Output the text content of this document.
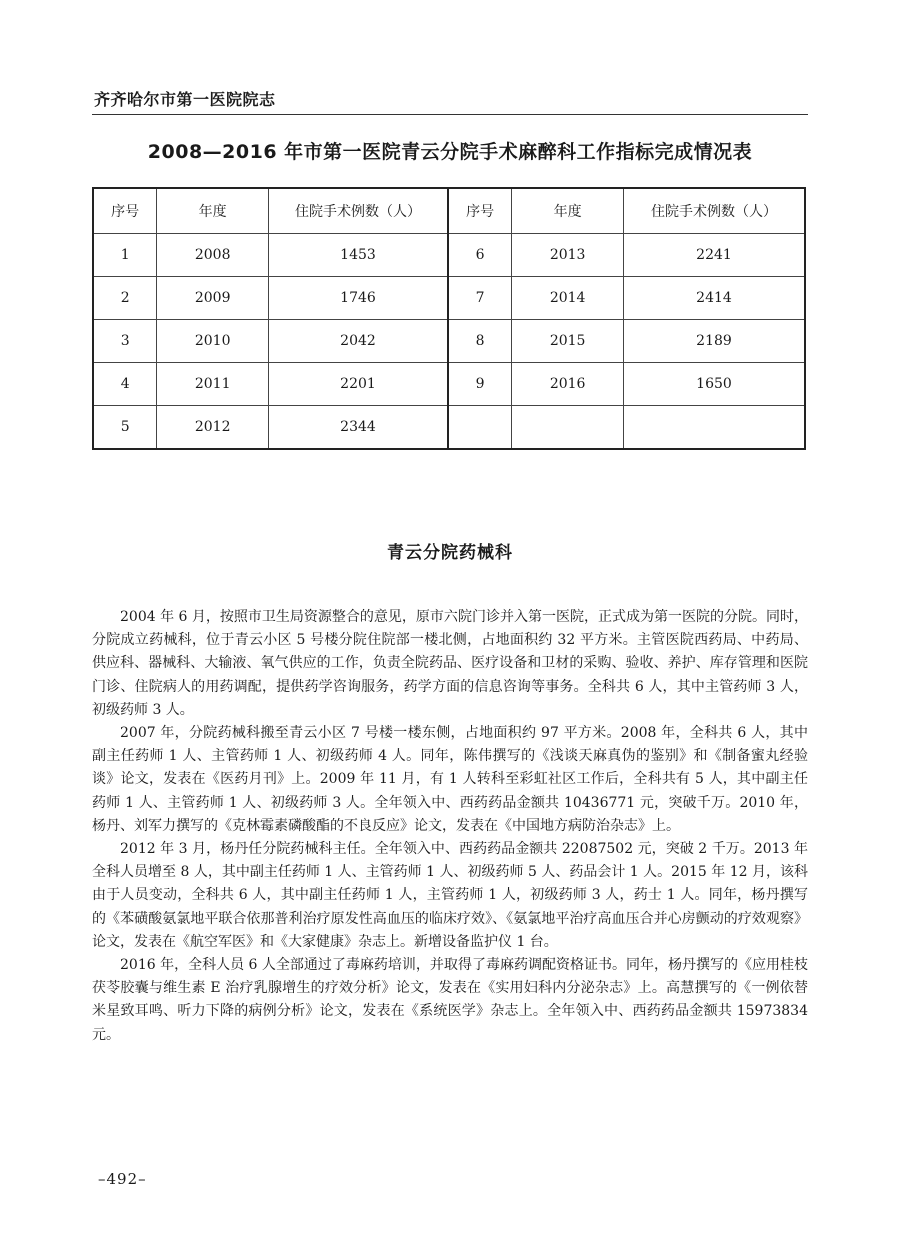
齐齐哈尔市第一医院院志
2008—2016 年市第一医院青云分院手术麻醉科工作指标完成情况表
序号	年度	住院手术例数（人）	序号	年度	住院手术例数（人）
1	2008	1453	6	2013	2241
2	2009	1746	7	2014	2414
3	2010	2042	8	2015	2189
4	2011	2201	9	2016	1650
5	2012	2344			
青云分院药械科

2004 年 6 月，按照市卫生局资源整合的意见，原市六院门诊并入第一医院，正式成为第一医院的分院。同时，分院成立药械科，位于青云小区 5 号楼分院住院部一楼北侧，占地面积约 32 平方米。主管医院西药局、中药局、供应科、器械科、大输液、氧气供应的工作，负责全院药品、医疗设备和卫材的采购、验收、养护、库存管理和医院门诊、住院病人的用药调配，提供药学咨询服务，药学方面的信息咨询等事务。全科共 6 人，其中主管药师 3 人，初级药师 3 人。

2007 年，分院药械科搬至青云小区 7 号楼一楼东侧，占地面积约 97 平方米。2008 年，全科共 6 人，其中副主任药师 1 人、主管药师 1 人、初级药师 4 人。同年，陈伟撰写的《浅谈天麻真伪的鉴别》和《制备蜜丸经验谈》论文，发表在《医药月刊》上。2009 年 11 月，有 1 人转科至彩虹社区工作后，全科共有 5 人，其中副主任药师 1 人、主管药师 1 人、初级药师 3 人。全年领入中、西药药品金额共 10436771 元，突破千万。2010 年，杨丹、刘军力撰写的《克林霉素磷酸酯的不良反应》论文，发表在《中国地方病防治杂志》上。

2012 年 3 月，杨丹任分院药械科主任。全年领入中、西药药品金额共 22087502 元，突破 2 千万。2013 年全科人员增至 8 人，其中副主任药师 1 人、主管药师 1 人、初级药师 5 人、药品会计 1 人。2015 年 12 月，该科由于人员变动，全科共 6 人，其中副主任药师 1 人，主管药师 1 人，初级药师 3 人，药士 1 人。同年，杨丹撰写的《苯磺酸氨氯地平联合依那普利治疗原发性高血压的临床疗效》、《氨氯地平治疗高血压合并心房颤动的疗效观察》论文，发表在《航空军医》和《大家健康》杂志上。新增设备监护仪 1 台。

2016 年，全科人员 6 人全部通过了毒麻药培训，并取得了毒麻药调配资格证书。同年，杨丹撰写的《应用桂枝茯苓胶囊与维生素 E 治疗乳腺增生的疗效分析》论文，发表在《实用妇科内分泌杂志》上。高慧撰写的《一例依替米星致耳鸣、听力下降的病例分析》论文，发表在《系统医学》杂志上。全年领入中、西药药品金额共 15973834 元。

–492–
